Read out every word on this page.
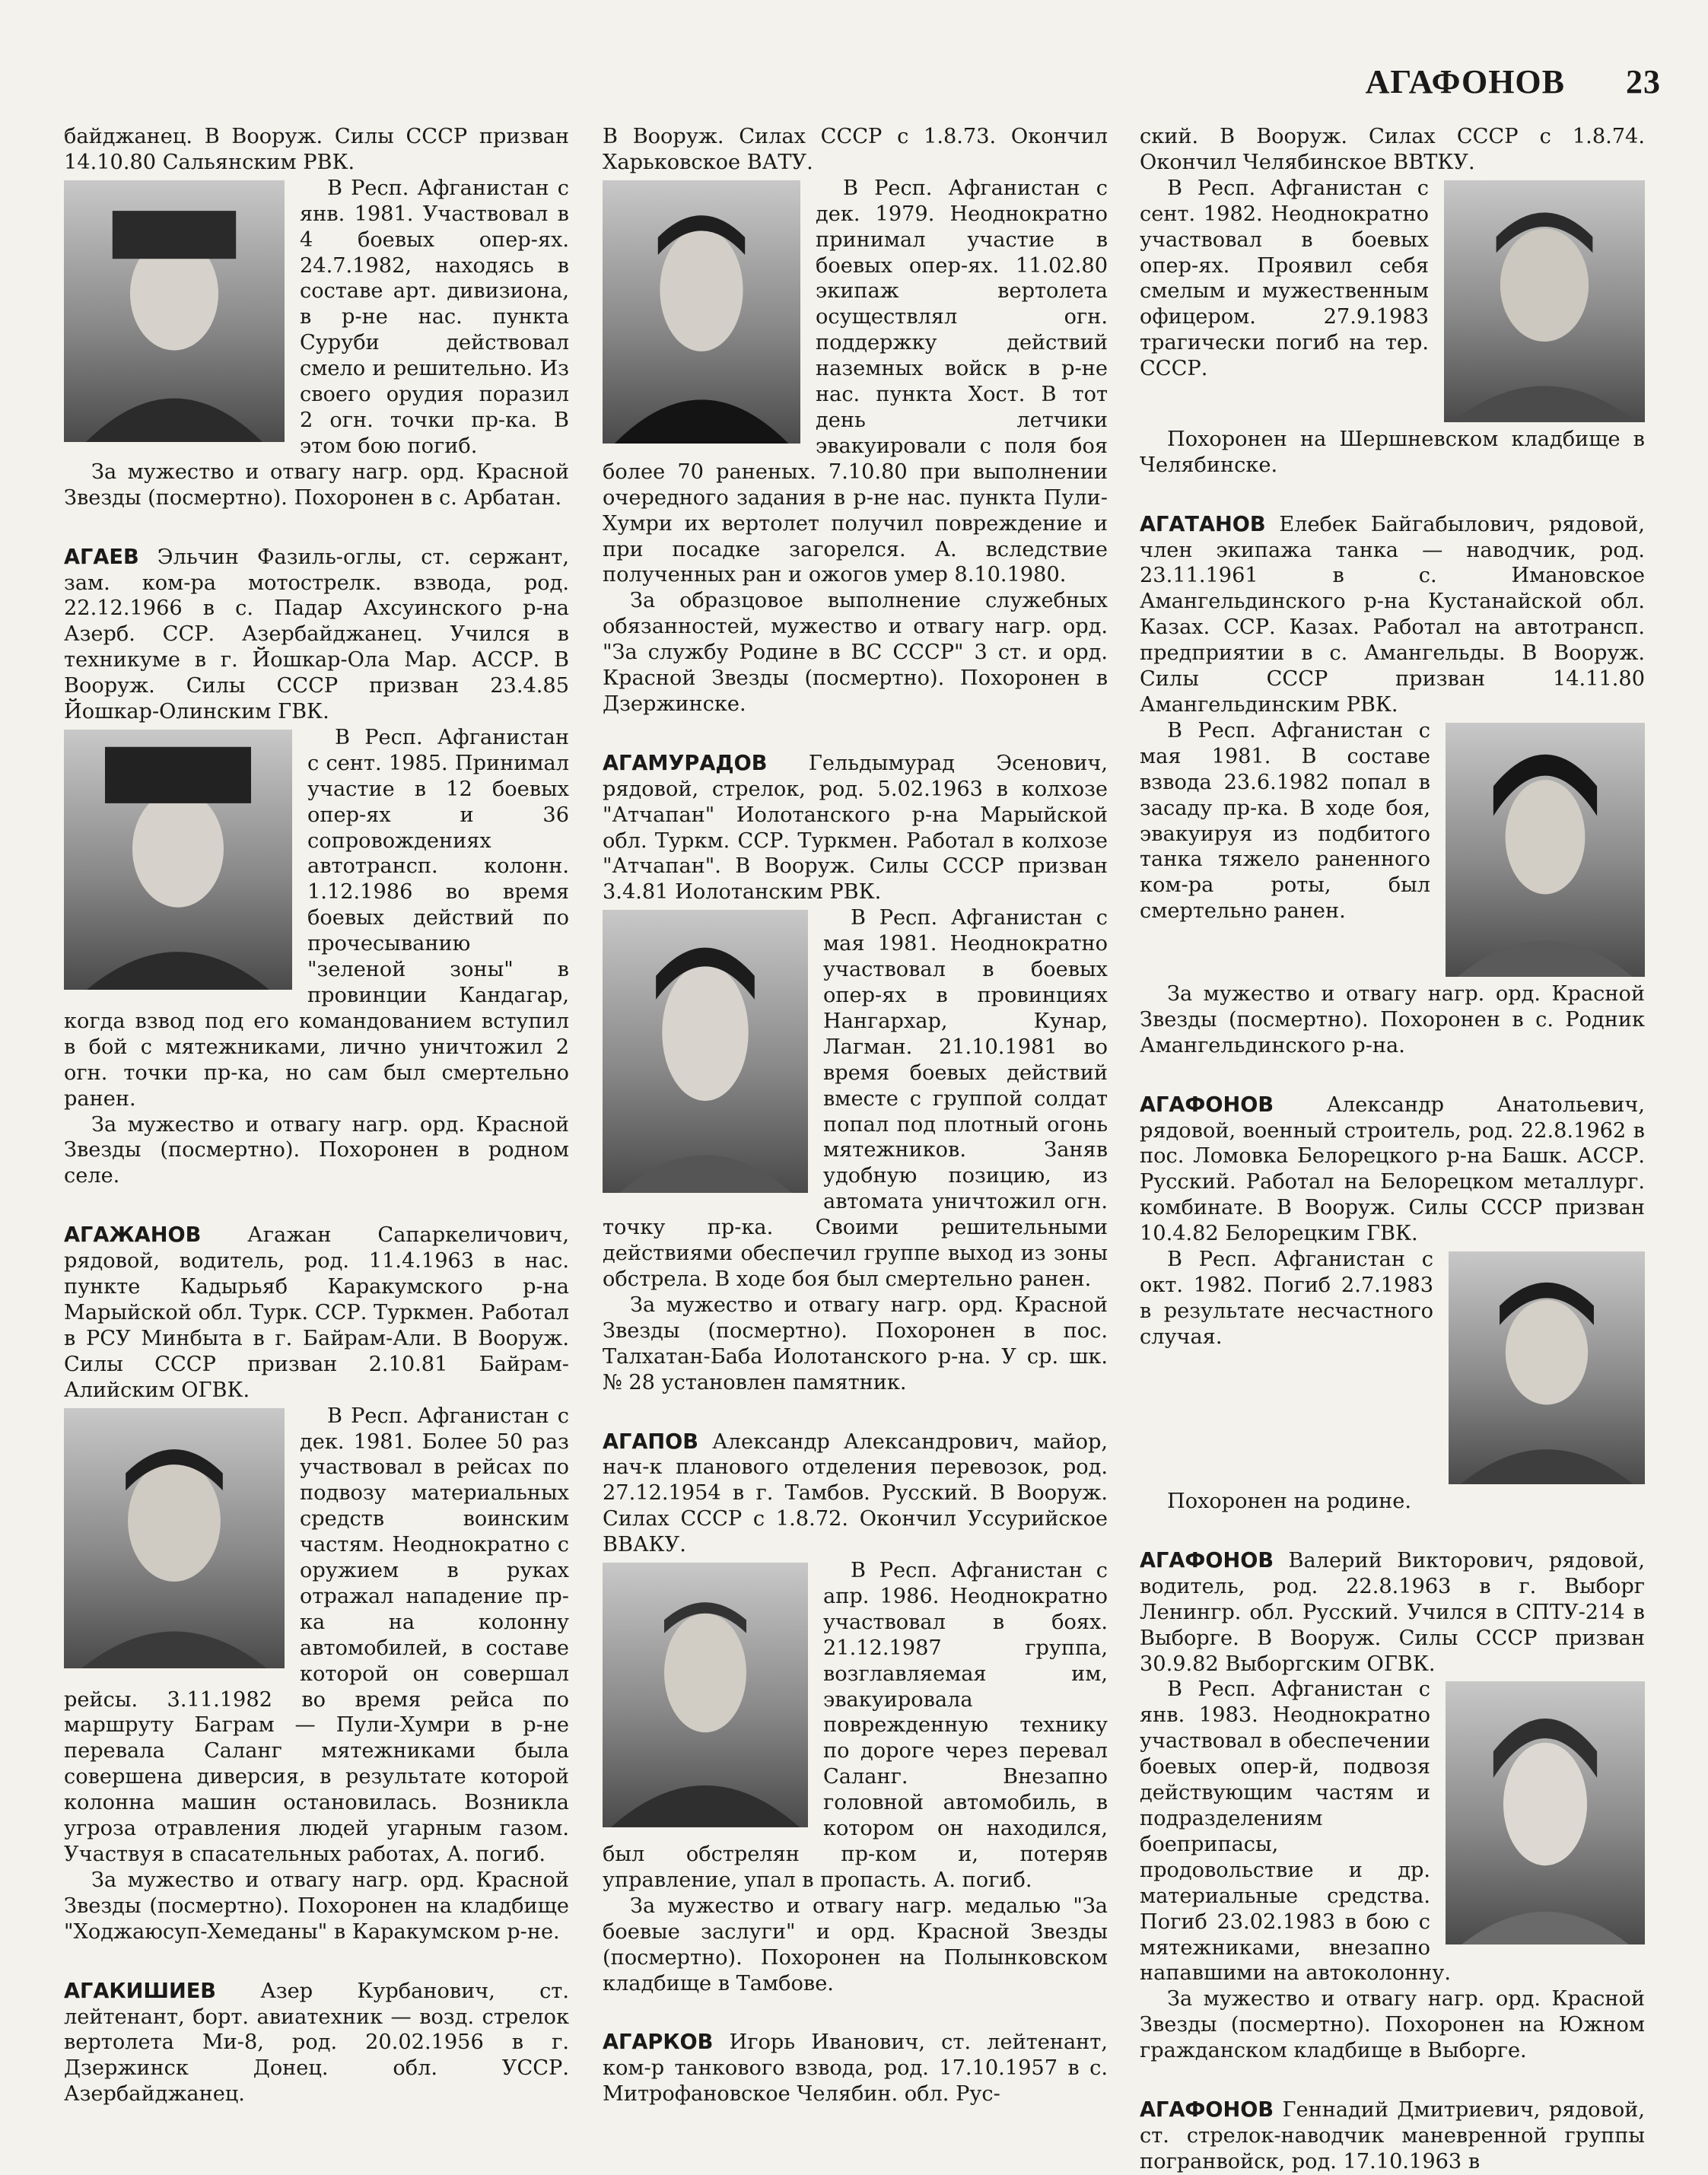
АГАФОНОВ 23

байджанец. В Вооруж. Силы СССР призван 14.10.80 Сальянским РВК.

В Респ. Афганистан с янв. 1981. Участвовал в 4 боевых опер-ях. 24.7.1982, находясь в составе арт. дивизиона, в р-не нас. пункта Суруби действовал смело и решительно. Из своего орудия поразил 2 огн. точки пр-ка. В этом бою погиб.

За мужество и отвагу нагр. орд. Красной Звезды (посмертно). Похоронен в с. Арбатан.

АГАЕВ Эльчин Фазиль-оглы, ст. сержант, зам. ком-ра мотострелк. взвода, род. 22.12.1966 в с. Падар Ахсуинского р-на Азерб. ССР. Азербайджанец. Учился в техникуме в г. Йошкар-Ола Мар. АССР. В Вооруж. Силы СССР призван 23.4.85 Йошкар-Олинским ГВК.

В Респ. Афганистан с сент. 1985. Принимал участие в 12 боевых опер-ях и 36 сопровождениях автотрансп. колонн. 1.12.1986 во время боевых действий по прочесыванию "зеленой зоны" в провинции Кандагар, когда взвод под его командованием вступил в бой с мятежниками, лично уничтожил 2 огн. точки пр-ка, но сам был смертельно ранен.

За мужество и отвагу нагр. орд. Красной Звезды (посмертно). Похоронен в родном селе.

АГАЖАНОВ Агажан Сапаркеличович, рядовой, водитель, род. 11.4.1963 в нас. пункте Кадырьяб Каракумского р-на Марыйской обл. Турк. ССР. Туркмен. Работал в РСУ Минбыта в г. Байрам-Али. В Вооруж. Силы СССР призван 2.10.81 Байрам-Алийским ОГВК.

В Респ. Афганистан с дек. 1981. Более 50 раз участвовал в рейсах по подвозу материальных средств воинским частям. Неоднократно с оружием в руках отражал нападение пр-ка на колонну автомобилей, в составе которой он совершал рейсы. 3.11.1982 во время рейса по маршруту Баграм — Пули-Хумри в р-не перевала Саланг мятежниками была совершена диверсия, в результате которой колонна машин остановилась. Возникла угроза отравления людей угарным газом. Участвуя в спасательных работах, А. погиб.

За мужество и отвагу нагр. орд. Красной Звезды (посмертно). Похоронен на кладбище "Ходжаюсуп-Хемеданы" в Каракумском р-не.

АГАКИШИЕВ Азер Курбанович, ст. лейтенант, борт. авиатехник — возд. стрелок вертолета Ми-8, род. 20.02.1956 в г. Дзержинск Донец. обл. УССР. Азербайджанец.

В Вооруж. Силах СССР с 1.8.73. Окончил Харьковское ВАТУ.

В Респ. Афганистан с дек. 1979. Неоднократно принимал участие в боевых опер-ях. 11.02.80 экипаж вертолета осуществлял огн. поддержку действий наземных войск в р-не нас. пункта Хост. В тот день летчики эвакуировали с поля боя более 70 раненых. 7.10.80 при выполнении очередного задания в р-не нас. пункта Пули-Хумри их вертолет получил повреждение и при посадке загорелся. А. вследствие полученных ран и ожогов умер 8.10.1980.

За образцовое выполнение служебных обязанностей, мужество и отвагу нагр. орд. "За службу Родине в ВС СССР" 3 ст. и орд. Красной Звезды (посмертно). Похоронен в Дзержинске.

АГАМУРАДОВ Гельдымурад Эсенович, рядовой, стрелок, род. 5.02.1963 в колхозе "Атчапан" Иолотанского р-на Марыйской обл. Туркм. ССР. Туркмен. Работал в колхозе "Атчапан". В Вооруж. Силы СССР призван 3.4.81 Иолотанским РВК.

В Респ. Афганистан с мая 1981. Неоднократно участвовал в боевых опер-ях в провинциях Нангархар, Кунар, Лагман. 21.10.1981 во время боевых действий вместе с группой солдат попал под плотный огонь мятежников. Заняв удобную позицию, из автомата уничтожил огн. точку пр-ка. Своими решительными действиями обеспечил группе выход из зоны обстрела. В ходе боя был смертельно ранен.

За мужество и отвагу нагр. орд. Красной Звезды (посмертно). Похоронен в пос. Талхатан-Баба Иолотанского р-на. У ср. шк. № 28 установлен памятник.

АГАПОВ Александр Александрович, майор, нач-к планового отделения перевозок, род. 27.12.1954 в г. Тамбов. Русский. В Вооруж. Силах СССР с 1.8.72. Окончил Уссурийское ВВАКУ.

В Респ. Афганистан с апр. 1986. Неоднократно участвовал в боях. 21.12.1987 группа, возглавляемая им, эвакуировала поврежденную технику по дороге через перевал Саланг. Внезапно головной автомобиль, в котором он находился, был обстрелян пр-ком и, потеряв управление, упал в пропасть. А. погиб.

За мужество и отвагу нагр. медалью "За боевые заслуги" и орд. Красной Звезды (посмертно). Похоронен на Полынковском кладбище в Тамбове.

АГАРКОВ Игорь Иванович, ст. лейтенант, ком-р танкового взвода, род. 17.10.1957 в с. Митрофановское Челябин. обл. Рус-

ский. В Вооруж. Силах СССР с 1.8.74. Окончил Челябинское ВВТКУ.

В Респ. Афганистан с сент. 1982. Неоднократно участвовал в боевых опер-ях. Проявил себя смелым и мужественным офицером. 27.9.1983 трагически погиб на тер. СССР.

Похоронен на Шершневском кладбище в Челябинске.

АГАТАНОВ Елебек Байгабылович, рядовой, член экипажа танка — наводчик, род. 23.11.1961 в с. Имановское Амангельдинского р-на Кустанайской обл. Казах. ССР. Казах. Работал на автотрансп. предприятии в с. Амангельды. В Вооруж. Силы СССР призван 14.11.80 Амангельдинским РВК.

В Респ. Афганистан с мая 1981. В составе взвода 23.6.1982 попал в засаду пр-ка. В ходе боя, эвакуируя из подбитого танка тяжело раненного ком-ра роты, был смертельно ранен.

За мужество и отвагу нагр. орд. Красной Звезды (посмертно). Похоронен в с. Родник Амангельдинского р-на.

АГАФОНОВ Александр Анатольевич, рядовой, военный строитель, род. 22.8.1962 в пос. Ломовка Белорецкого р-на Башк. АССР. Русский. Работал на Белорецком металлург. комбинате. В Вооруж. Силы СССР призван 10.4.82 Белорецким ГВК.

В Респ. Афганистан с окт. 1982. Погиб 2.7.1983 в результате несчастного случая.

Похоронен на родине.

АГАФОНОВ Валерий Викторович, рядовой, водитель, род. 22.8.1963 в г. Выборг Ленингр. обл. Русский. Учился в СПТУ-214 в Выборге. В Вооруж. Силы СССР призван 30.9.82 Выборгским ОГВК.

В Респ. Афганистан с янв. 1983. Неоднократно участвовал в обеспечении боевых опер-й, подвозя действующим частям и подразделениям боеприпасы, продовольствие и др. материальные средства. Погиб 23.02.1983 в бою с мятежниками, внезапно напавшими на автоколонну.

За мужество и отвагу нагр. орд. Красной Звезды (посмертно). Похоронен на Южном гражданском кладбище в Выборге.

АГАФОНОВ Геннадий Дмитриевич, рядовой, ст. стрелок-наводчик маневренной группы погранвойск, род. 17.10.1963 в
